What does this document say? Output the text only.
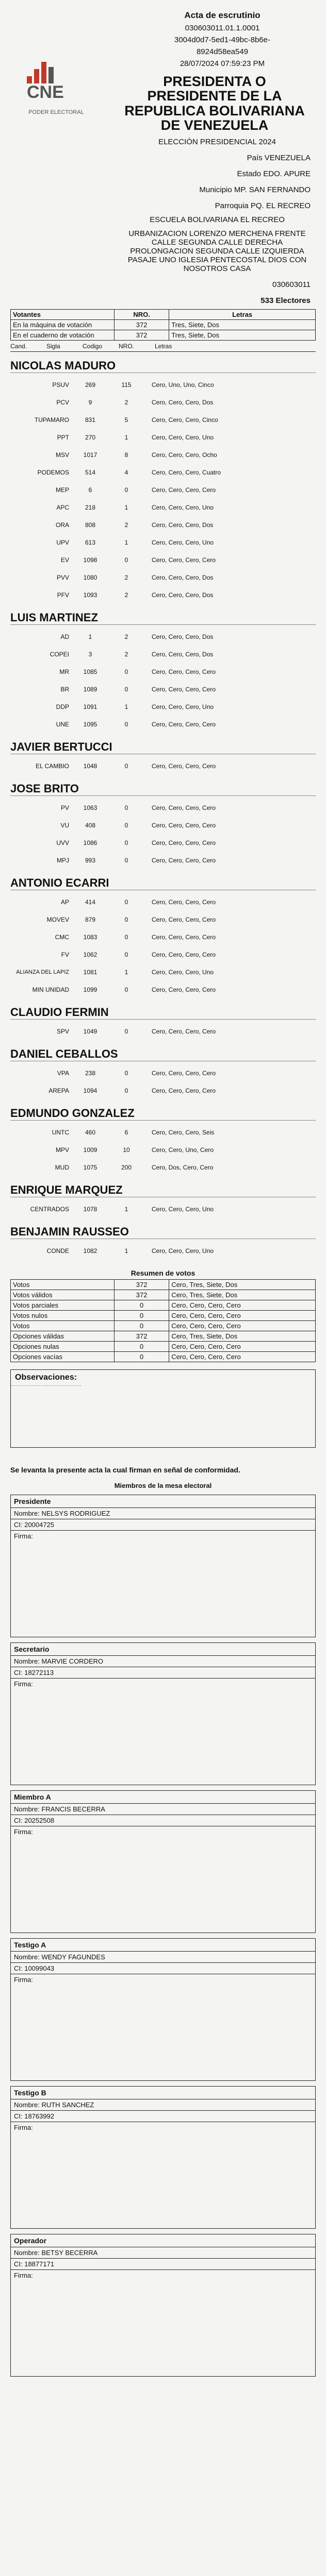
CNE
PODER ELECTORAL
Acta de escrutinio
030603011.01.1.0001
3004d0d7-5ed1-49bc-8b6e-
8924d58ea549
28/07/2024 07:59:23 PM
PRESIDENTA O PRESIDENTE DE LA REPUBLICA BOLIVARIANA DE VENEZUELA
ELECCIÓN PRESIDENCIAL 2024
País VENEZUELA
Estado EDO. APURE
Municipio MP. SAN FERNANDO
Parroquia PQ. EL RECREO
ESCUELA BOLIVARIANA EL RECREO
URBANIZACION LORENZO MERCHENA FRENTE CALLE SEGUNDA CALLE DERECHA PROLONGACION SEGUNDA CALLE IZQUIERDA PASAJE UNO IGLESIA PENTECOSTAL DIOS CON NOSOTROS CASA
030603011
533 Electores
Votantes	NRO.	Letras
En la máquina de votación	372	Tres, Siete, Dos
En el cuaderno de votación	372	Tres, Siete, Dos
Cand.	Sigla	Codigo	NRO.	Letras
NICOLAS MADURO
PSUV	269	115	Cero, Uno, Uno, Cinco
PCV	9	2	Cero, Cero, Cero, Dos
TUPAMARO	831	5	Cero, Cero, Cero, Cinco
PPT	270	1	Cero, Cero, Cero, Uno
MSV	1017	8	Cero, Cero, Cero, Ocho
PODEMOS	514	4	Cero, Cero, Cero, Cuatro
MEP	6	0	Cero, Cero, Cero, Cero
APC	218	1	Cero, Cero, Cero, Uno
ORA	808	2	Cero, Cero, Cero, Dos
UPV	613	1	Cero, Cero, Cero, Uno
EV	1098	0	Cero, Cero, Cero, Cero
PVV	1080	2	Cero, Cero, Cero, Dos
PFV	1093	2	Cero, Cero, Cero, Dos
LUIS MARTINEZ
AD	1	2	Cero, Cero, Cero, Dos
COPEI	3	2	Cero, Cero, Cero, Dos
MR	1085	0	Cero, Cero, Cero, Cero
BR	1089	0	Cero, Cero, Cero, Cero
DDP	1091	1	Cero, Cero, Cero, Uno
UNE	1095	0	Cero, Cero, Cero, Cero
JAVIER BERTUCCI
EL CAMBIO	1048	0	Cero, Cero, Cero, Cero
JOSE BRITO
PV	1063	0	Cero, Cero, Cero, Cero
VU	408	0	Cero, Cero, Cero, Cero
UVV	1086	0	Cero, Cero, Cero, Cero
MPJ	993	0	Cero, Cero, Cero, Cero
ANTONIO ECARRI
AP	414	0	Cero, Cero, Cero, Cero
MOVEV	879	0	Cero, Cero, Cero, Cero
CMC	1083	0	Cero, Cero, Cero, Cero
FV	1062	0	Cero, Cero, Cero, Cero
ALIANZA DEL LAPIZ	1081	1	Cero, Cero, Cero, Uno
MIN UNIDAD	1099	0	Cero, Cero, Cero, Cero
CLAUDIO FERMIN
SPV	1049	0	Cero, Cero, Cero, Cero
DANIEL CEBALLOS
VPA	238	0	Cero, Cero, Cero, Cero
AREPA	1094	0	Cero, Cero, Cero, Cero
EDMUNDO GONZALEZ
UNTC	460	6	Cero, Cero, Cero, Seis
MPV	1009	10	Cero, Cero, Uno, Cero
MUD	1075	200	Cero, Dos, Cero, Cero
ENRIQUE MARQUEZ
CENTRADOS	1078	1	Cero, Cero, Cero, Uno
BENJAMIN RAUSSEO
CONDE	1082	1	Cero, Cero, Cero, Uno
Resumen de votos
Votos	372	Cero, Tres, Siete, Dos
Votos válidos	372	Cero, Tres, Siete, Dos
Votos parciales	0	Cero, Cero, Cero, Cero
Votos nulos	0	Cero, Cero, Cero, Cero
Votos	0	Cero, Cero, Cero, Cero
Opciones válidas	372	Cero, Tres, Siete, Dos
Opciones nulas	0	Cero, Cero, Cero, Cero
Opciones vacías	0	Cero, Cero, Cero, Cero
Observaciones:
Se levanta la presente acta la cual firman en señal de conformidad.
Miembros de la mesa electoral
Presidente
Nombre: NELSYS RODRIGUEZ
CI: 20004725
Firma:
Secretario
Nombre: MARVIE CORDERO
CI: 18272113
Firma:
Miembro A
Nombre: FRANCIS BECERRA
CI: 20252508
Firma:
Testigo A
Nombre: WENDY FAGUNDES
CI: 10099043
Firma:
Testigo B
Nombre: RUTH SANCHEZ
CI: 18763992
Firma:
Operador
Nombre: BETSY BECERRA
CI: 18877171
Firma:
